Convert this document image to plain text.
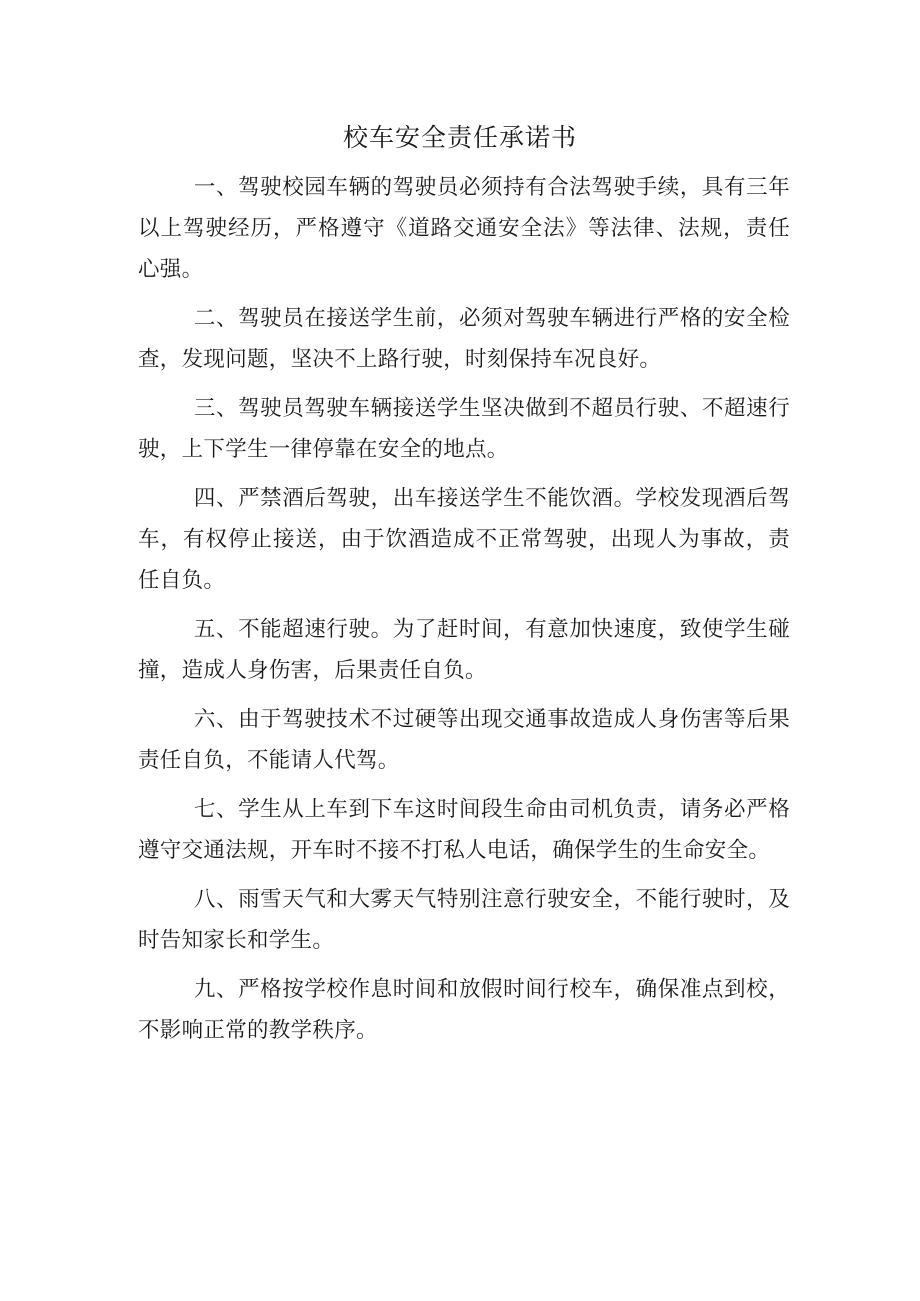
校车安全责任承诺书

一、驾驶校园车辆的驾驶员必须持有合法驾驶手续，具有三年以上驾驶经历，严格遵守《道路交通安全法》等法律、法规，责任心强。

二、驾驶员在接送学生前，必须对驾驶车辆进行严格的安全检查，发现问题，坚决不上路行驶，时刻保持车况良好。

三、驾驶员驾驶车辆接送学生坚决做到不超员行驶、不超速行驶，上下学生一律停靠在安全的地点。

四、严禁酒后驾驶，出车接送学生不能饮酒。学校发现酒后驾车，有权停止接送，由于饮酒造成不正常驾驶，出现人为事故，责任自负。

五、不能超速行驶。为了赶时间，有意加快速度，致使学生碰撞，造成人身伤害，后果责任自负。

六、由于驾驶技术不过硬等出现交通事故造成人身伤害等后果责任自负，不能请人代驾。

七、学生从上车到下车这时间段生命由司机负责，请务必严格遵守交通法规，开车时不接不打私人电话，确保学生的生命安全。

八、雨雪天气和大雾天气特别注意行驶安全，不能行驶时，及时告知家长和学生。

九、严格按学校作息时间和放假时间行校车，确保准点到校，不影响正常的教学秩序。
